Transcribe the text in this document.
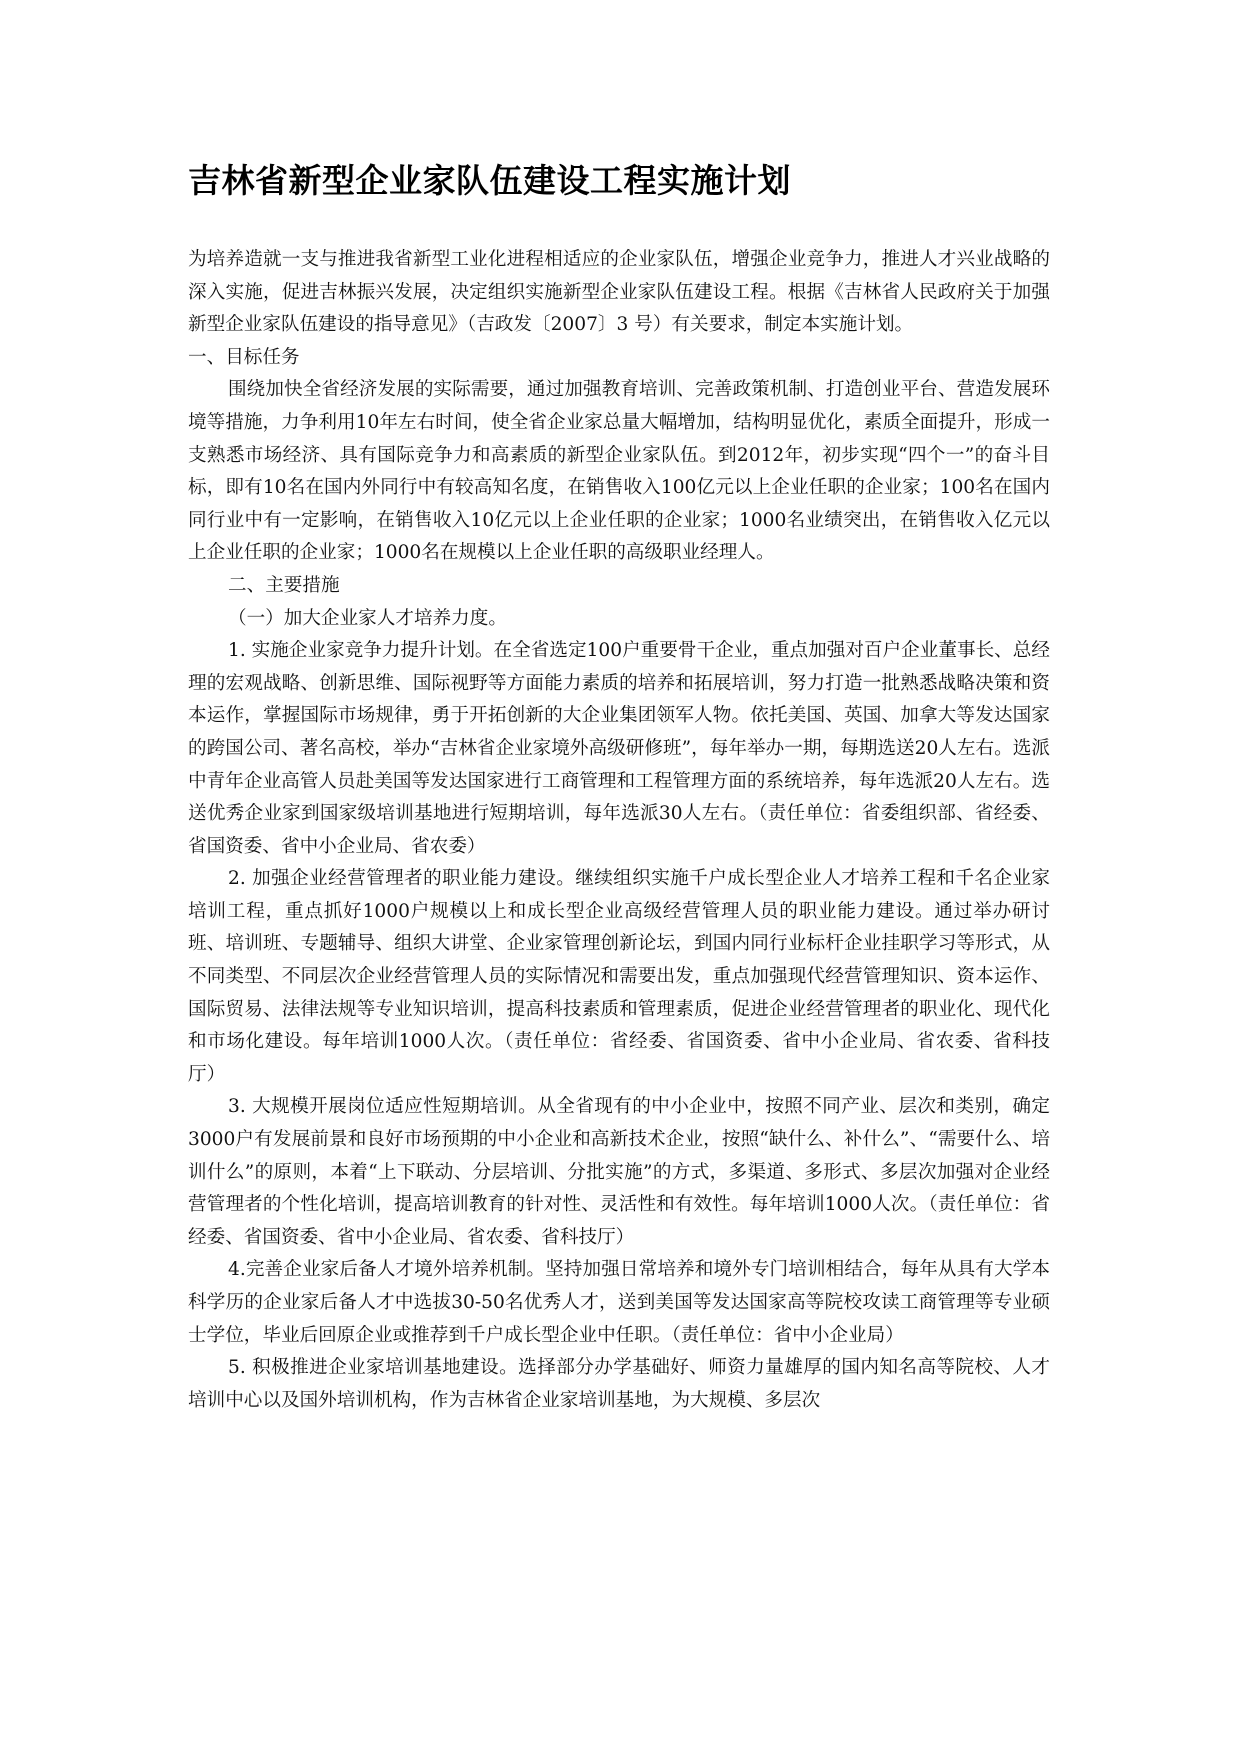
吉林省新型企业家队伍建设工程实施计划

为培养造就一支与推进我省新型工业化进程相适应的企业家队伍，增强企业竞争力，推进人才兴业战略的深入实施，促进吉林振兴发展，决定组织实施新型企业家队伍建设工程。根据《吉林省人民政府关于加强新型企业家队伍建设的指导意见》（吉政发〔2007〕3 号）有关要求，制定本实施计划。

一、目标任务

围绕加快全省经济发展的实际需要，通过加强教育培训、完善政策机制、打造创业平台、营造发展环境等措施，力争利用10年左右时间，使全省企业家总量大幅增加，结构明显优化，素质全面提升，形成一支熟悉市场经济、具有国际竞争力和高素质的新型企业家队伍。到2012年，初步实现“四个一”的奋斗目标，即有10名在国内外同行中有较高知名度，在销售收入100亿元以上企业任职的企业家；100名在国内同行业中有一定影响，在销售收入10亿元以上企业任职的企业家；1000名业绩突出，在销售收入亿元以上企业任职的企业家；1000名在规模以上企业任职的高级职业经理人。

二、主要措施

（一）加大企业家人才培养力度。

1. 实施企业家竞争力提升计划。在全省选定100户重要骨干企业，重点加强对百户企业董事长、总经理的宏观战略、创新思维、国际视野等方面能力素质的培养和拓展培训，努力打造一批熟悉战略决策和资本运作，掌握国际市场规律，勇于开拓创新的大企业集团领军人物。依托美国、英国、加拿大等发达国家的跨国公司、著名高校，举办“吉林省企业家境外高级研修班”，每年举办一期，每期选送20人左右。选派中青年企业高管人员赴美国等发达国家进行工商管理和工程管理方面的系统培养，每年选派20人左右。选送优秀企业家到国家级培训基地进行短期培训，每年选派30人左右。（责任单位：省委组织部、省经委、省国资委、省中小企业局、省农委）

2. 加强企业经营管理者的职业能力建设。继续组织实施千户成长型企业人才培养工程和千名企业家培训工程，重点抓好1000户规模以上和成长型企业高级经营管理人员的职业能力建设。通过举办研讨班、培训班、专题辅导、组织大讲堂、企业家管理创新论坛，到国内同行业标杆企业挂职学习等形式，从不同类型、不同层次企业经营管理人员的实际情况和需要出发，重点加强现代经营管理知识、资本运作、国际贸易、法律法规等专业知识培训，提高科技素质和管理素质，促进企业经营管理者的职业化、现代化和市场化建设。每年培训1000人次。（责任单位：省经委、省国资委、省中小企业局、省农委、省科技厅）

3. 大规模开展岗位适应性短期培训。从全省现有的中小企业中，按照不同产业、层次和类别，确定3000户有发展前景和良好市场预期的中小企业和高新技术企业，按照“缺什么、补什么”、“需要什么、培训什么”的原则，本着“上下联动、分层培训、分批实施”的方式，多渠道、多形式、多层次加强对企业经营管理者的个性化培训，提高培训教育的针对性、灵活性和有效性。每年培训1000人次。（责任单位：省经委、省国资委、省中小企业局、省农委、省科技厅）

4.完善企业家后备人才境外培养机制。坚持加强日常培养和境外专门培训相结合，每年从具有大学本科学历的企业家后备人才中选拔30-50名优秀人才，送到美国等发达国家高等院校攻读工商管理等专业硕士学位，毕业后回原企业或推荐到千户成长型企业中任职。（责任单位：省中小企业局）

5. 积极推进企业家培训基地建设。选择部分办学基础好、师资力量雄厚的国内知名高等院校、人才培训中心以及国外培训机构，作为吉林省企业家培训基地，为大规模、多层次
